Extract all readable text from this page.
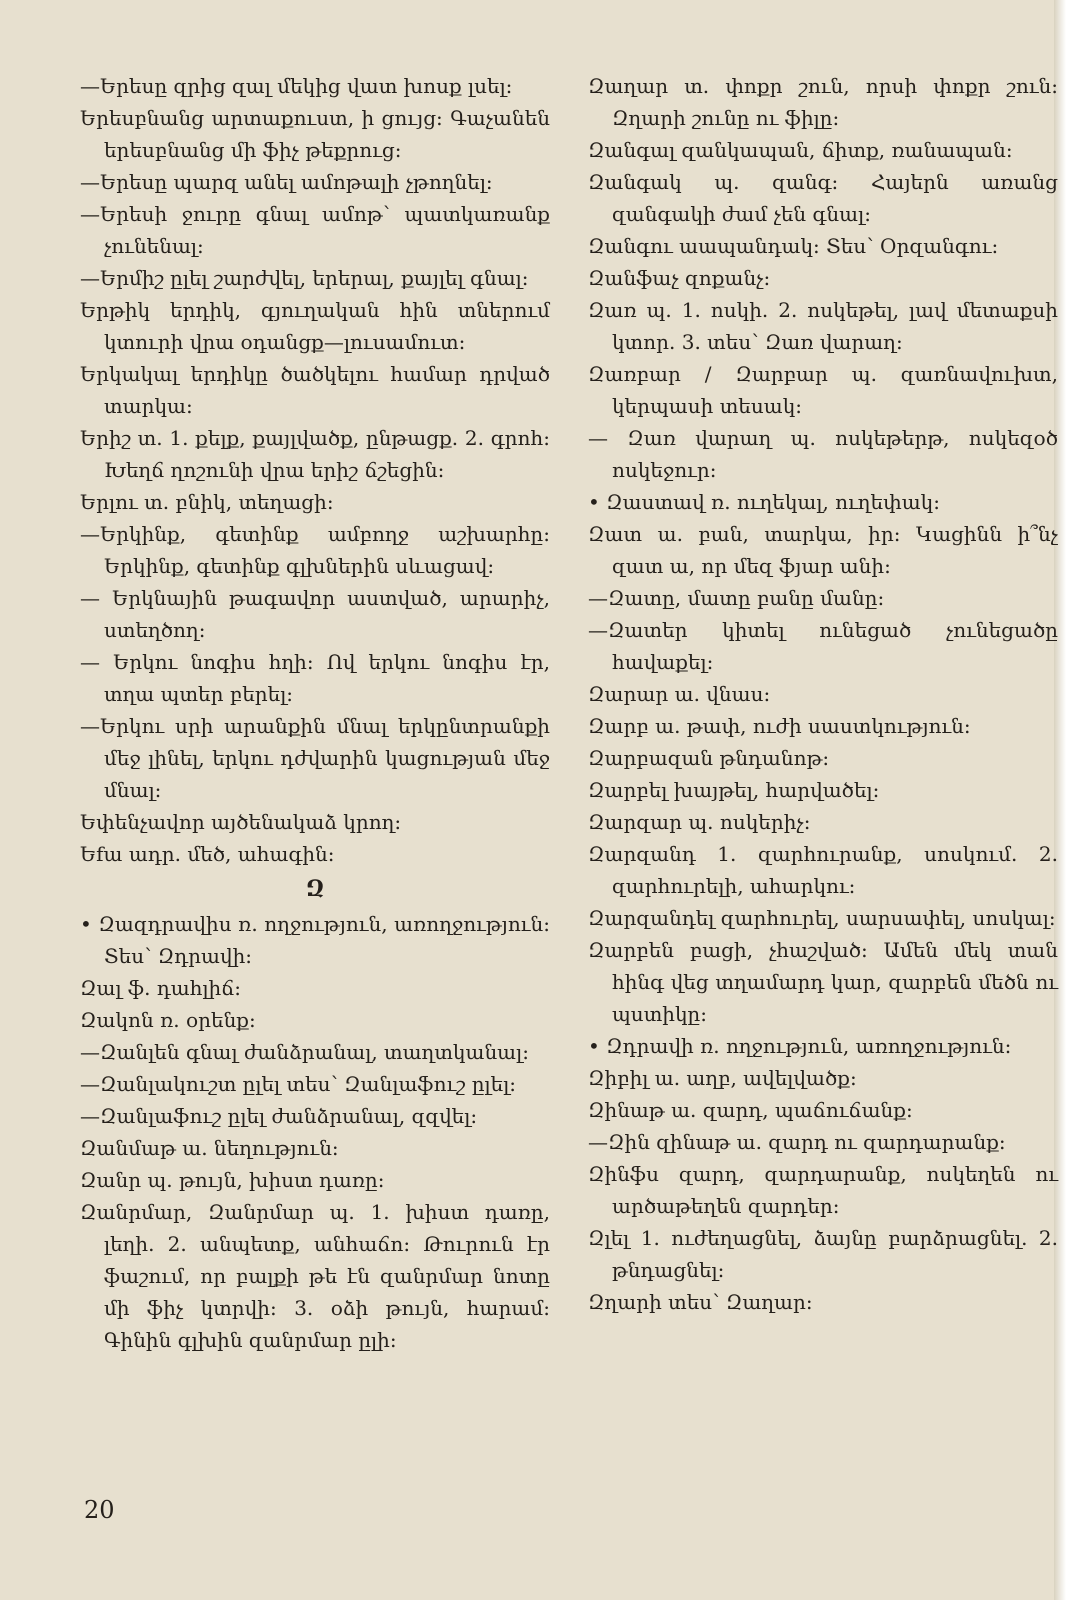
—Երեսը զրից զալ մեկից վատ խոսք լսել։

Երեսբնանց արտաքուստ, ի ցույց։ Գաչանեն երեսբնանց մի ֆիչ թեքրուց։

—Երեսը պարզ անել ամոթալի չթողնել։

—Երեսի ջուրը գնալ ամոթ՝ պատկառանք չունենալ։

—Երմիշ ըլել շարժվել, երերալ, քայլել գնալ։

Երթիկ երդիկ, գյուղական հին տներում կտուրի վրա օդանցք—լուսամուտ։

Երկակալ երդիկը ծածկելու համար դրված տարկա։

Երիշ տ. 1. քելք, քայլվածք, ընթացք. 2. գրոհ։ Խեղճ ղոշունի վրա երիշ ճշեցին։

Երլու տ. բնիկ, տեղացի։

—Երկինք, գետինք ամբողջ աշխարհը։ Երկինք, գետինք գլխներին սևացավ։

— Երկնային թագավոր աստված, արարիչ, ստեղծող։

— Երկու նոգիս հղի։ Ով երկու նոգիս էր, տղա պտեր բերել։

—Երկու սրի արանքին մնալ երկընտրանքի մեջ լինել, երկու դժվարին կացության մեջ մնալ։

Եփենչավոր այծենակաձ կրող։

Եfա ադր. մեծ, ահագին։

Զ

• Զազդրավիս ռ. ողջություն, առողջություն։ Տես՝ Զդրավի։

Զալ ֆ. դահլիճ։

Զակոն ռ. օրենք։

—Զանլեն գնալ ժանձրանալ, տաղտկանալ։

—Զանլակուշտ ըլել տես՝ Զանլաֆուշ ըլել։

—Զանլաֆուշ ըլել ժանձրանալ, զզվել։

Զանմաթ ա. նեղություն։

Զանր պ. թույն, խիստ դառը։

Զանրմար, Զանրմար պ. 1. խիստ դառը, լեղի. 2. անպետք, անհաճո։ Թուրուն էր ֆաշում, որ բալքի թե էն զանրմար նոտը մի ֆիչ կտրվի։ 3. օձի թույն, հարամ։ Գինին գլխին զանրմար ըլի։

Զաղար տ. փոքր շուն, որսի փոքր շուն։ Զղարի շունը ու ֆիլը։

Զանգալ զանկապան, ճիտք, ռանապան։

Զանգակ պ. զանգ։ Հայերն առանց զանգակի ժամ չեն գնալ։

Զանգու աապանդակ։ Տես՝ Օրզանգու։

Զանֆաչ զոքանչ։

Զառ պ. 1. ոսկի. 2. ոսկեթել, լավ մետաքսի կտոր. 3. տես՝ Զառ վարաղ։

Զառբար / Զարբար պ. զառնավուխտ, կերպասի տեսակ։

— Զառ վարաղ պ. ոսկեթերթ, ոսկեզօծ ոսկեջուր։

• Զաստավ ռ. ուղեկալ, ուղեփակ։

Զատ ա. բան, տարկա, իր։ Կացինն ի՞նչ զատ ա, որ մեզ ֆյար անի։

—Զատը, մատը բանը մանը։

—Զատեր կիտել ունեցած չունեցածը հավաքել։

Զարար ա. վնաս։

Զարբ ա. թափ, ուժի սաստկություն։

Զարբազան թնդանոթ։

Զարբել խայթել, հարվածել։

Զարզար պ. ոսկերիչ։

Զարզանդ 1. զարհուրանք, սոսկում. 2. զարհուրելի, ահարկու։

Զարզանդել զարհուրել, սարսափել, սոսկալ։

Զարբեն բացի, չհաշված։ Ամեն մեկ տան հինգ վեց տղամարդ կար, զարբեն մեծն ու պստիկը։

• Զդրավի ռ. ողջություն, առողջություն։

Զիբիլ ա. աղբ, ավելվածք։

Զինաթ ա. զարդ, պաճուճանք։

—Զին զինաթ ա. զարդ ու զարդարանք։

Զինֆս զարդ, զարդարանք, ոսկեղեն ու արծաթեղեն զարդեր։

Զլել 1. ուժեղացնել, ձայնը բարձրացնել. 2. թնդացնել։

Զղարի տես՝ Զաղար։

20
